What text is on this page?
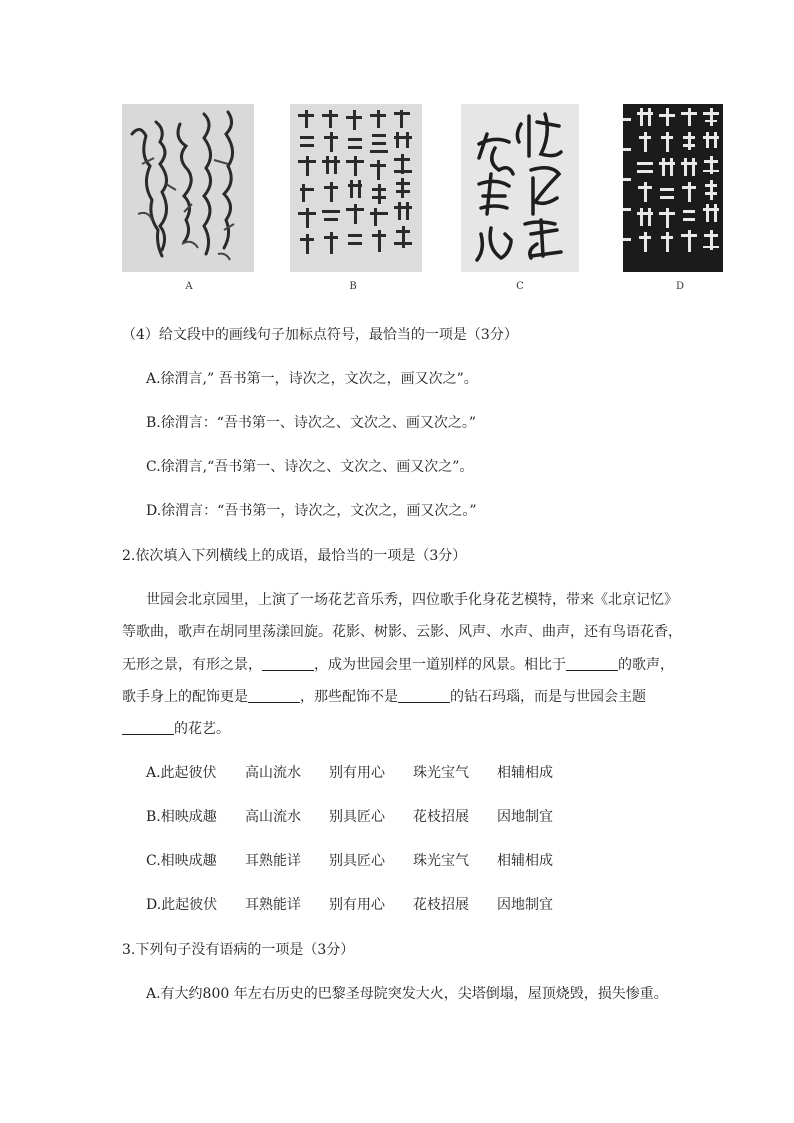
A	B	C	D
（4）给文段中的画线句子加标点符号，最恰当的一项是（3分）
A.徐渭言,” 吾书第一，诗次之，文次之，画又次之”。
B.徐渭言：“吾书第一、诗次之、文次之、画又次之。”
C.徐渭言,“吾书第一、诗次之、文次之、画又次之”。
D.徐渭言：“吾书第一，诗次之，文次之，画又次之。”
2.依次填入下列横线上的成语，最恰当的一项是（3分）
世园会北京园里，上演了一场花艺音乐秀，四位歌手化身花艺模特，带来《北京记忆》
等歌曲，歌声在胡同里荡漾回旋。花影、树影、云影、风声、水声、曲声，还有鸟语花香，
无形之景，有形之景，	，成为世园会里一道别样的风景。相比于	的歌声，
歌手身上的配饰更是	，那些配饰不是	的钻石玛瑙，而是与世园会主题
的花艺。
A.此起彼伏 高山流水 别有用心 珠光宝气 相辅相成
B.相映成趣 高山流水 别具匠心 花枝招展 因地制宜
C.相映成趣 耳熟能详 别具匠心 珠光宝气 相辅相成
D.此起彼伏 耳熟能详 别有用心 花枝招展 因地制宜
3.下列句子没有语病的一项是（3分）
A.有大约800 年左右历史的巴黎圣母院突发大火，尖塔倒塌，屋顶烧毁，损失惨重。
